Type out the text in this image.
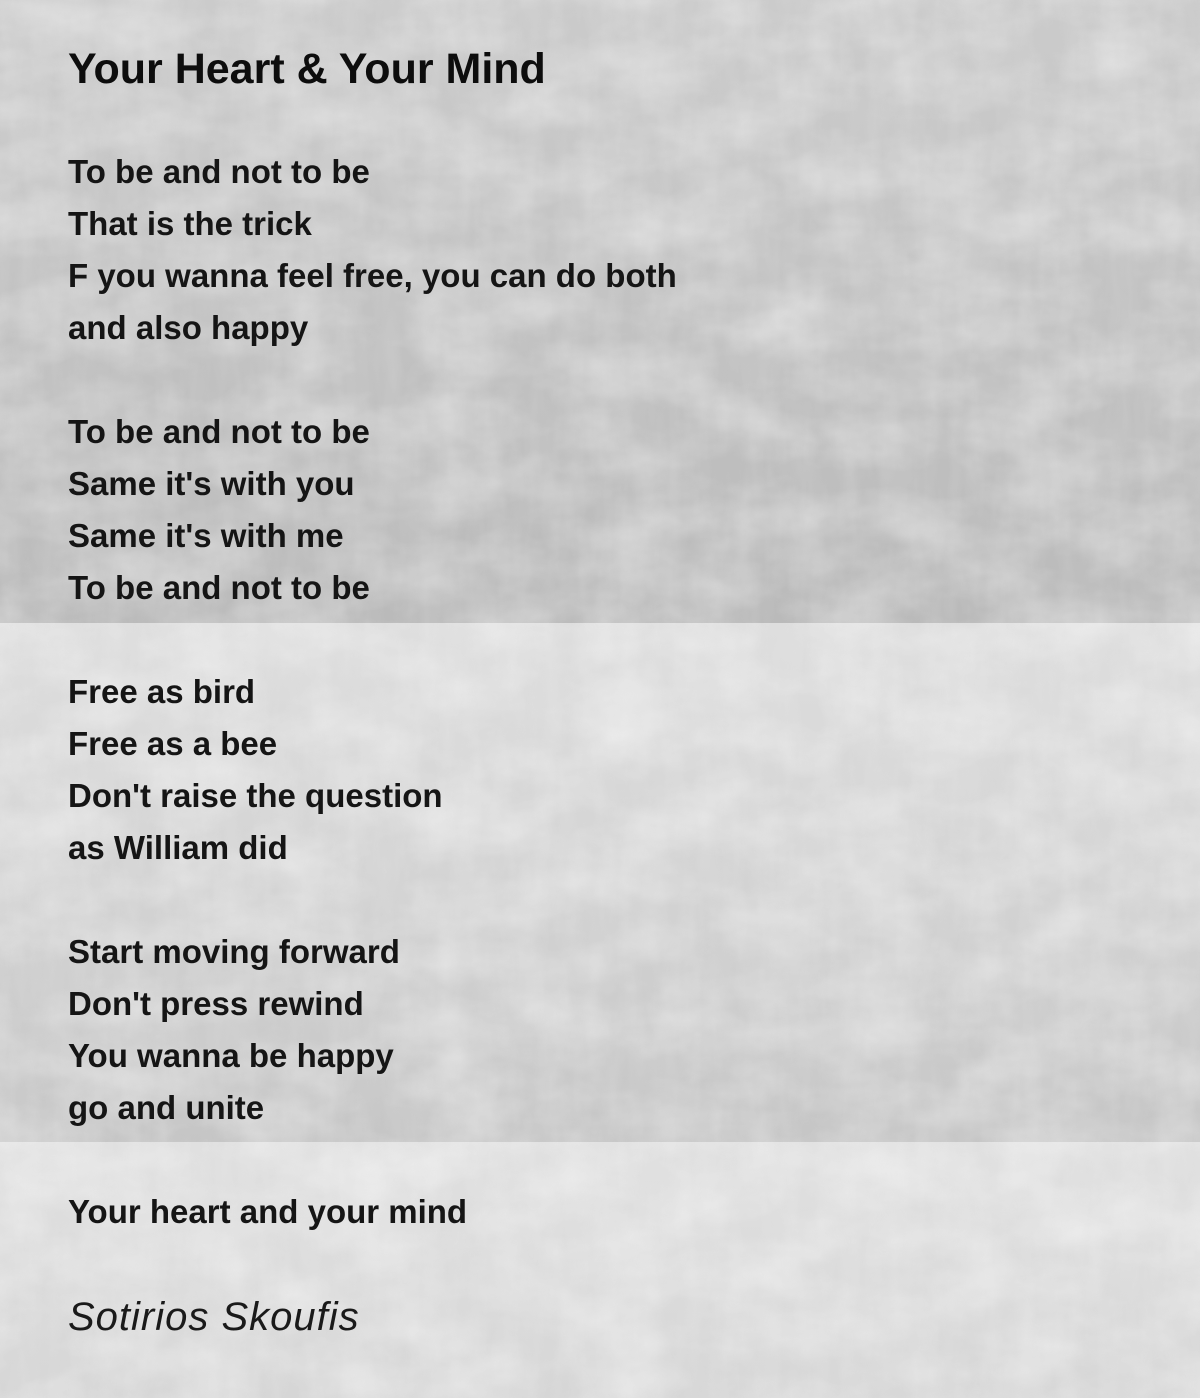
Your Heart & Your Mind
To be and not to be
That is the trick
F you wanna feel free, you can do both
and also happy
To be and not to be
Same it's with you
Same it's with me
To be and not to be
Free as bird
Free as a bee
Don't raise the question
as William did
Start moving forward
Don't press rewind
You wanna be happy
go and unite
Your heart and your mind
Sotirios Skoufis
